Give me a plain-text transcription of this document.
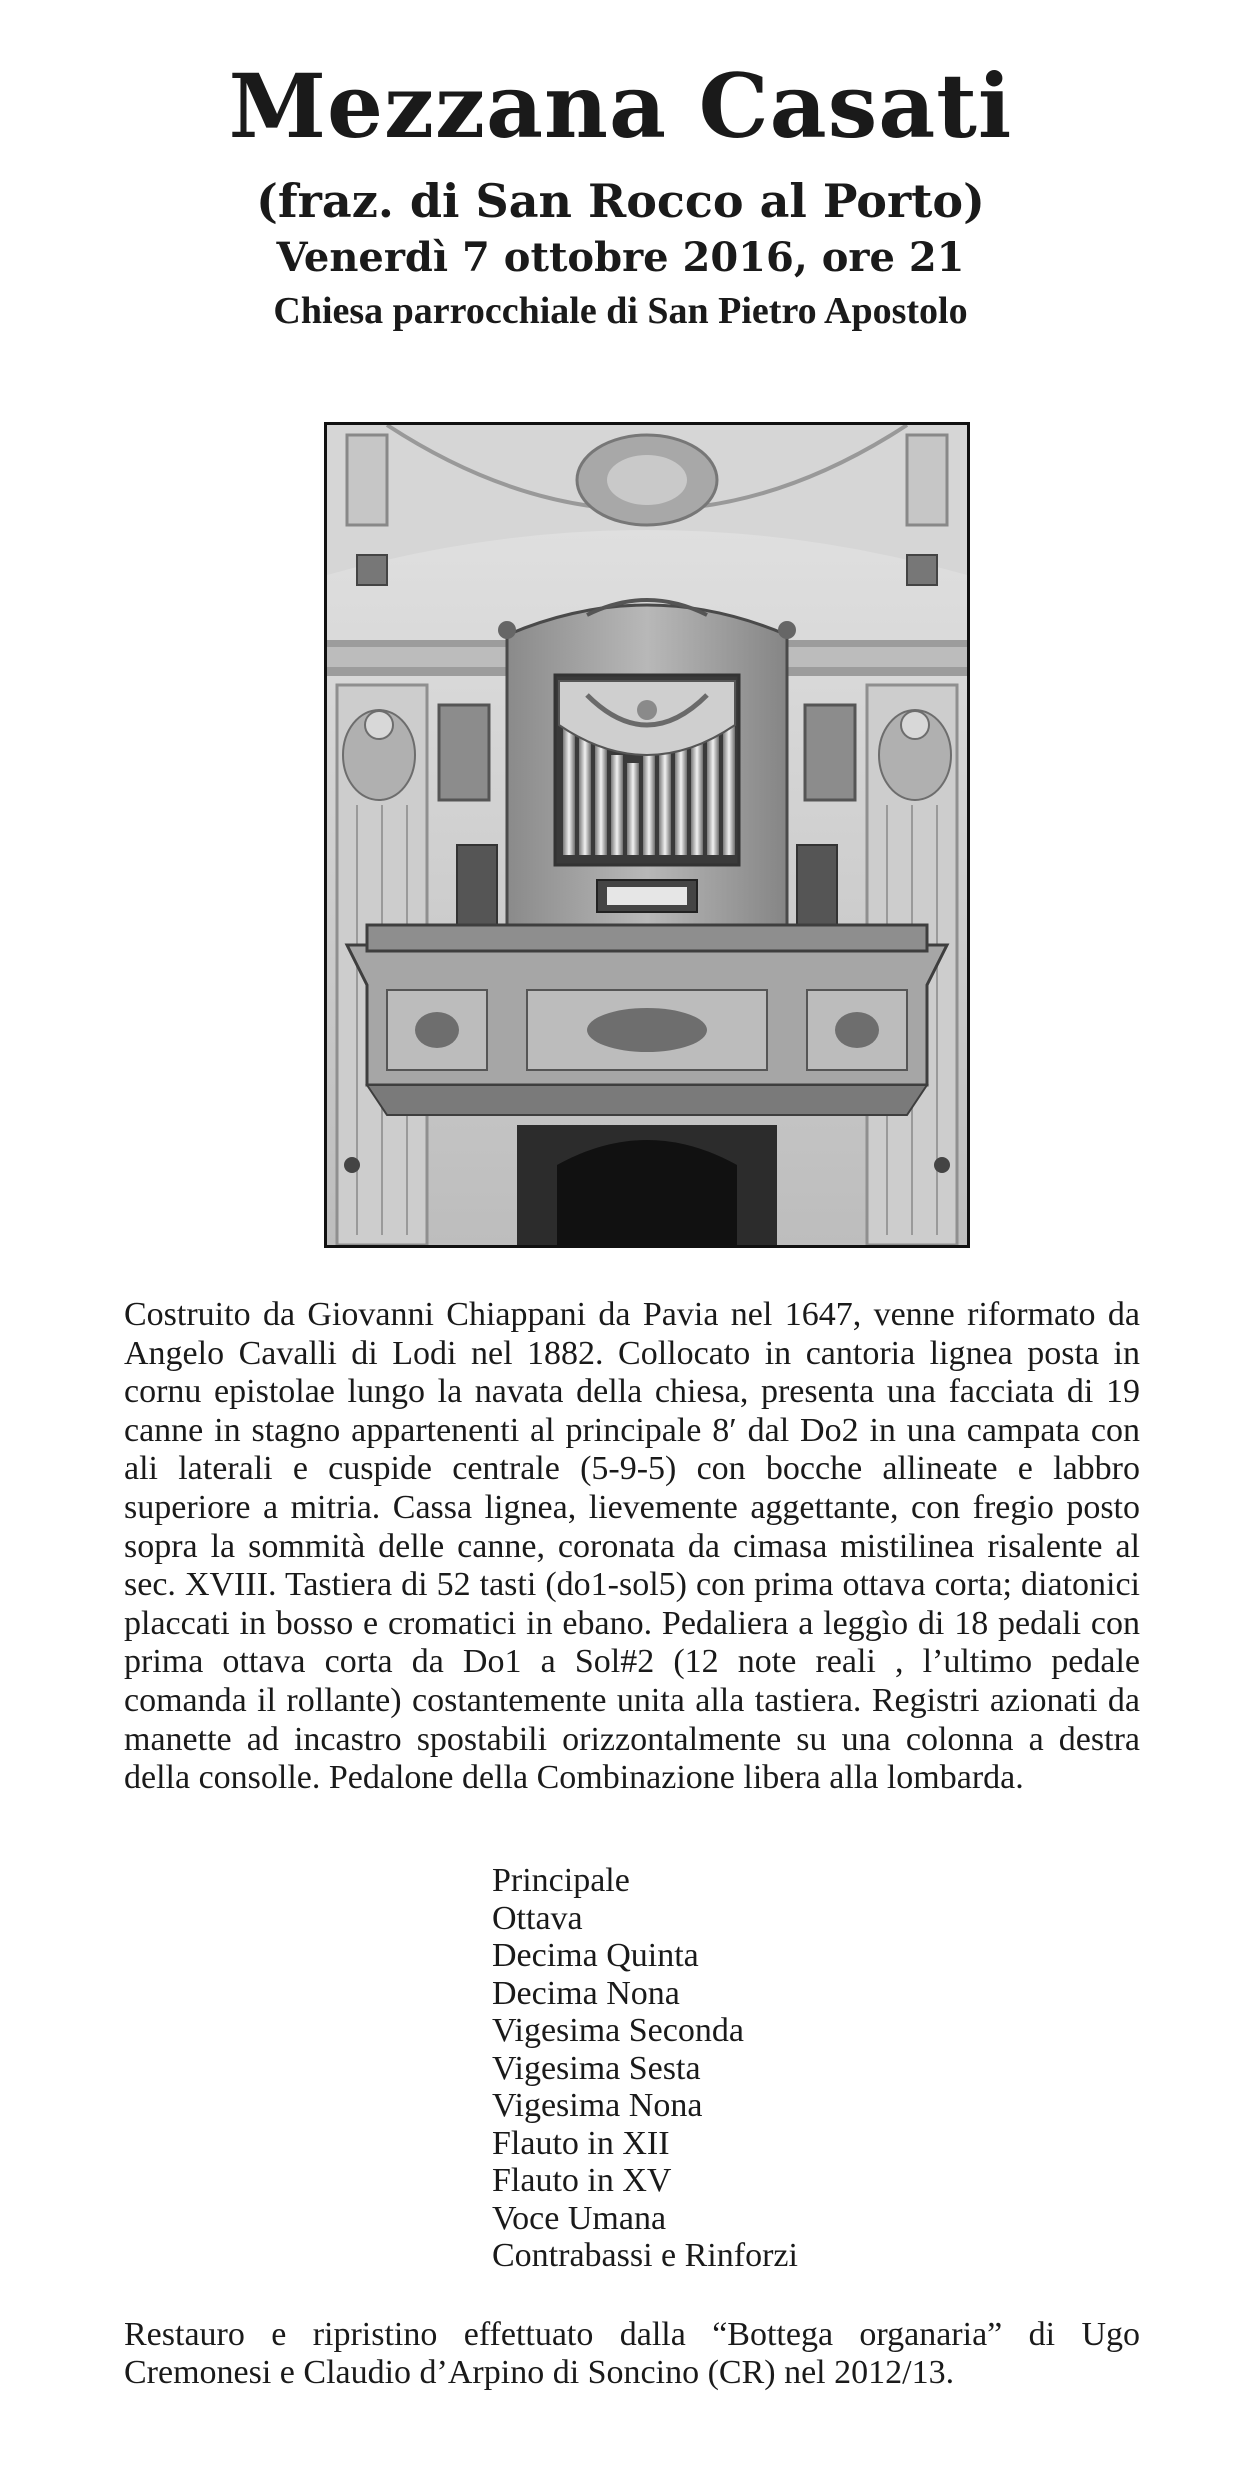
Mezzana Casati
(fraz. di San Rocco al Porto)
Venerdì 7 ottobre 2016, ore 21
Chiesa parrocchiale di San Pietro Apostolo

Costruito da Giovanni Chiappani da Pavia nel 1647, venne riformato da Angelo Cavalli di Lodi nel 1882. Collocato in cantoria lignea posta in cornu epistolae lungo la navata della chiesa, presenta una facciata di 19 canne in stagno appartenenti al principale 8′ dal Do2 in una campata con ali laterali e cuspide centrale (5-9-5) con bocche allineate e labbro superiore a mitria. Cassa lignea, lievemente aggettante, con fregio posto sopra la sommità delle canne, coronata da cimasa mistilinea risalente al sec. XVIII. Tastiera di 52 tasti (do1-sol5) con prima ottava corta; diatonici placcati in bosso e cromatici in ebano. Pedaliera a leggìo di 18 pedali con prima ottava corta da Do1 a Sol#2 (12 note reali , l’ultimo pedale comanda il rollante) costantemente unita alla tastiera. Registri azionati da manette ad incastro spostabili orizzontalmente su una colonna a destra della consolle. Pedalone della Combinazione libera alla lombarda.

Principale
Ottava
Decima Quinta
Decima Nona
Vigesima Seconda
Vigesima Sesta
Vigesima Nona
Flauto in XII
Flauto in XV
Voce Umana
Contrabassi e Rinforzi

Restauro e ripristino effettuato dalla “Bottega organaria” di Ugo Cremonesi e Claudio d’Arpino di Soncino (CR) nel 2012/13.
